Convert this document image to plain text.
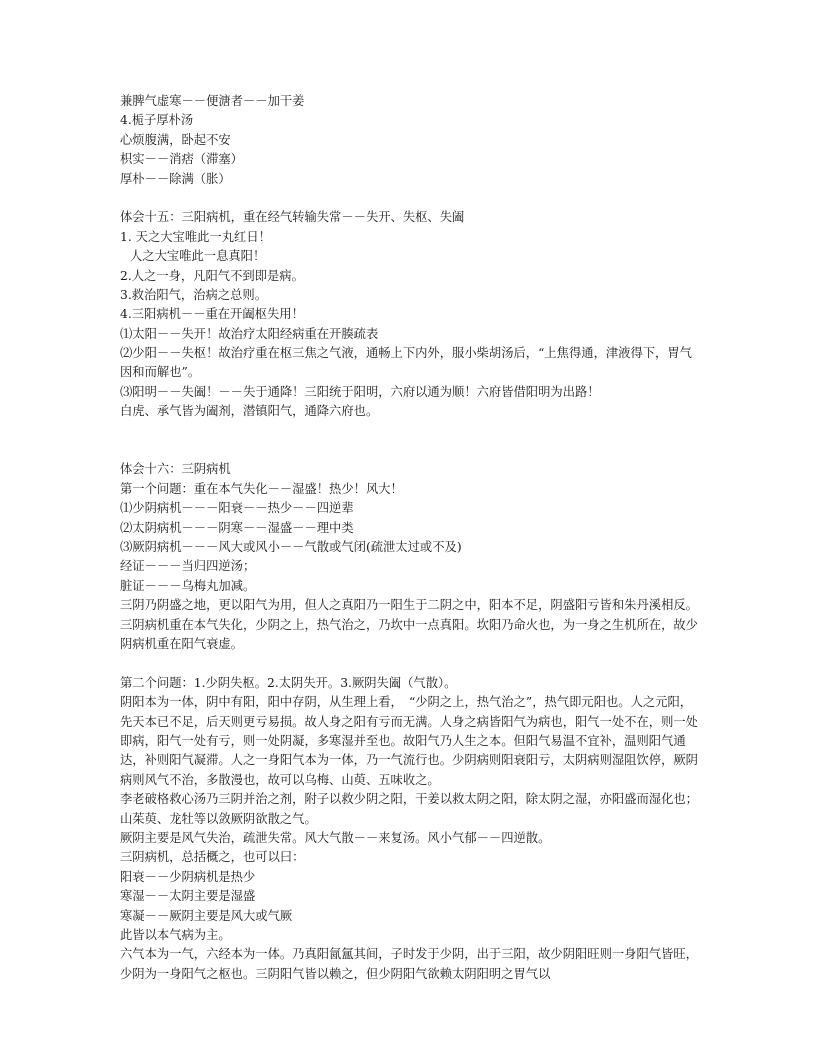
兼脾气虚寒－－便溏者－－加干姜
4.栀子厚朴汤
心烦腹满，卧起不安
枳实－－消痞（滞塞）
厚朴－－除满（胀）
体会十五：三阳病机，重在经气转输失常－－失开、失枢、失阖
1. 天之大宝唯此一丸红日！
人之大宝唯此一息真阳！
2.人之一身，凡阳气不到即是病。
3.救治阳气，治病之总则。
4.三阳病机－－重在开阖枢失用！
⑴太阳－－失开！故治疗太阳经病重在开腠疏表
⑵少阳－－失枢！故治疗重在枢三焦之气液，通畅上下内外，服小柴胡汤后，“上焦得通，津液得下，胃气因和而解也”。
⑶阳明－－失阖！－－失于通降！三阳统于阳明，六府以通为顺！六府皆借阳明为出路！
白虎、承气皆为阖剂，潜镇阳气，通降六府也。
体会十六：三阴病机
第一个问题：重在本气失化－－湿盛！热少！风大！
⑴少阴病机－－－阳衰－－热少－－四逆辈
⑵太阴病机－－－阴寒－－湿盛－－理中类
⑶厥阴病机－－－风大或风小－－气散或气闭(疏泄太过或不及)
经证－－－当归四逆汤；
脏证－－－乌梅丸加减。
三阴乃阴盛之地，更以阳气为用，但人之真阳乃一阳生于二阴之中，阳本不足，阴盛阳亏皆和朱丹溪相反。三阴病机重在本气失化，少阴之上，热气治之，乃坎中一点真阳。坎阳乃命火也，为一身之生机所在，故少阴病机重在阳气衰虚。
第二个问题：1.少阴失枢。2.太阴失开。3.厥阴失阖（气散）。
阴阳本为一体，阴中有阳，阳中存阴，从生理上看，　“少阴之上，热气治之”，热气即元阳也。人之元阳，先天本已不足，后天则更亏易损。故人身之阳有亏而无满。人身之病皆阳气为病也，阳气一处不在，则一处即病，阳气一处有亏，则一处阴凝，多寒湿并至也。故阳气乃人生之本。但阳气易温不宜补，温则阳气通达，补则阳气凝滞。人之一身阳气本为一体，乃一气流行也。少阴病则阳衰阳亏，太阴病则湿阻饮停，厥阴病则风气不治，多散漫也，故可以乌梅、山萸、五味收之。
李老破格救心汤乃三阴并治之剂，附子以救少阴之阳，干姜以救太阴之阳，除太阴之湿，亦阳盛而湿化也；山茱萸、龙牡等以敛厥阴欲散之气。
厥阴主要是风气失治，疏泄失常。风大气散－－来复汤。风小气郁－－四逆散。
三阴病机，总括概之，也可以曰：
阳衰－－少阴病机是热少
寒湿－－太阴主要是湿盛
寒凝－－厥阴主要是风大或气厥
此皆以本气病为主。
六气本为一气，六经本为一体。乃真阳氤氲其间，子时发于少阴，出于三阳，故少阴阳旺则一身阳气皆旺，少阴为一身阳气之枢也。三阴阳气皆以赖之，但少阴阳气欲赖太阴阳明之胃气以
